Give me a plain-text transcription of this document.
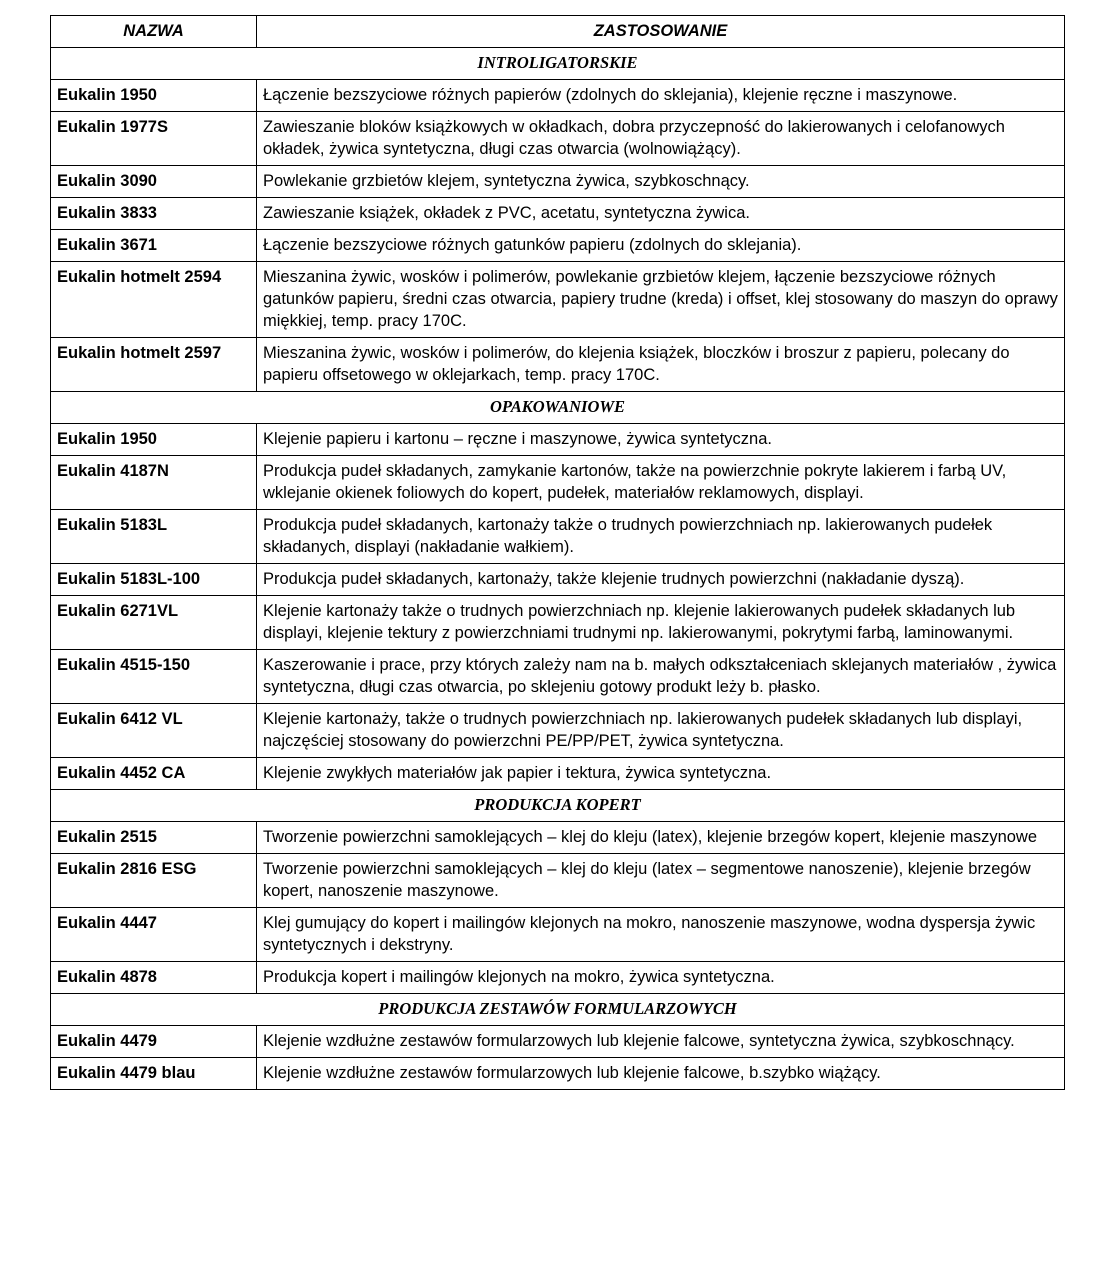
NAZWA	ZASTOSOWANIE
INTROLIGATORSKIE	
Eukalin 1950	Łączenie bezszyciowe różnych papierów (zdolnych do sklejania), klejenie ręczne i maszynowe.
Eukalin 1977S	Zawieszanie bloków książkowych w okładkach, dobra przyczepność do lakierowanych i celofanowych okładek, żywica syntetyczna, długi czas otwarcia (wolnowiążący).
Eukalin 3090	Powlekanie grzbietów klejem, syntetyczna żywica, szybkoschnący.
Eukalin 3833	Zawieszanie książek, okładek z PVC, acetatu, syntetyczna żywica.
Eukalin 3671	Łączenie bezszyciowe różnych gatunków papieru (zdolnych do sklejania).
Eukalin hotmelt 2594	Mieszanina żywic, wosków i polimerów, powlekanie grzbietów klejem, łączenie bezszyciowe różnych gatunków papieru, średni czas otwarcia, papiery trudne (kreda) i offset, klej stosowany do maszyn do oprawy miękkiej, temp. pracy 170C.
Eukalin hotmelt 2597	Mieszanina żywic, wosków i polimerów, do klejenia książek, bloczków i broszur z papieru, polecany do papieru offsetowego w oklejarkach, temp. pracy 170C.
OPAKOWANIOWE	
Eukalin 1950	Klejenie papieru i kartonu – ręczne i maszynowe, żywica syntetyczna.
Eukalin 4187N	Produkcja pudeł składanych, zamykanie kartonów, także na powierzchnie pokryte lakierem i farbą UV, wklejanie okienek foliowych do kopert, pudełek, materiałów reklamowych, displayi.
Eukalin 5183L	Produkcja pudeł składanych, kartonaży także o trudnych powierzchniach np. lakierowanych pudełek składanych, displayi (nakładanie wałkiem).
Eukalin 5183L-100	Produkcja pudeł składanych, kartonaży, także klejenie trudnych powierzchni (nakładanie dyszą).
Eukalin 6271VL	Klejenie kartonaży także o trudnych powierzchniach np. klejenie lakierowanych pudełek składanych lub displayi, klejenie tektury z powierzchniami trudnymi np. lakierowanymi, pokrytymi farbą, laminowanymi.
Eukalin 4515-150	Kaszerowanie i prace, przy których zależy nam na b. małych odkształceniach sklejanych materiałów , żywica syntetyczna, długi czas otwarcia, po sklejeniu gotowy produkt leży b. płasko.
Eukalin 6412 VL	Klejenie kartonaży, także o trudnych powierzchniach np. lakierowanych pudełek składanych lub displayi, najczęściej stosowany do powierzchni PE/PP/PET, żywica syntetyczna.
Eukalin 4452 CA	Klejenie zwykłych materiałów jak papier i tektura, żywica syntetyczna.
PRODUKCJA KOPERT	
Eukalin 2515	Tworzenie powierzchni samoklejących – klej do kleju (latex), klejenie brzegów kopert, klejenie maszynowe
Eukalin 2816 ESG	Tworzenie powierzchni samoklejących – klej do kleju (latex – segmentowe nanoszenie), klejenie brzegów kopert, nanoszenie maszynowe.
Eukalin 4447	Klej gumujący do kopert i mailingów klejonych na mokro, nanoszenie maszynowe, wodna dyspersja żywic syntetycznych i dekstryny.
Eukalin 4878	Produkcja kopert i mailingów klejonych na mokro, żywica syntetyczna.
PRODUKCJA ZESTAWÓW FORMULARZOWYCH	
Eukalin 4479	Klejenie wzdłużne zestawów formularzowych lub klejenie falcowe, syntetyczna żywica, szybkoschnący.
Eukalin 4479 blau	Klejenie wzdłużne zestawów formularzowych lub klejenie falcowe, b.szybko wiążący.
